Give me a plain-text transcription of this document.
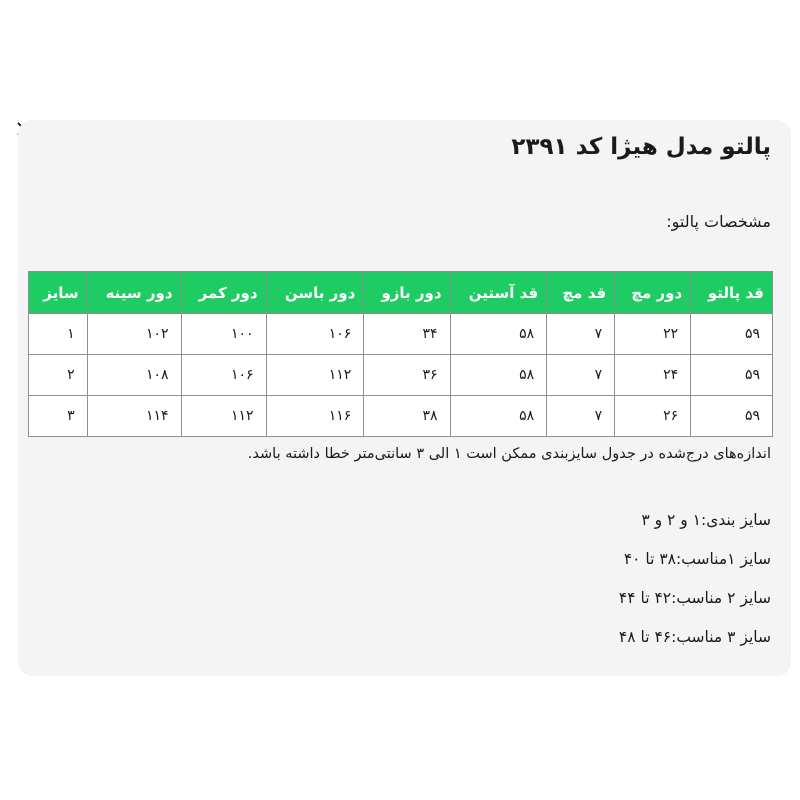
پالتو مدل هیژا کد ۲۳۹۱
مشخصات پالتو:
قد پالتو	دور مچ	قد مچ	قد آستین	دور بازو	دور باسن	دور کمر	دور سینه	سایز
۵۹	۲۲	۷	۵۸	۳۴	۱۰۶	۱۰۰	۱۰۲	۱
۵۹	۲۴	۷	۵۸	۳۶	۱۱۲	۱۰۶	۱۰۸	۲
۵۹	۲۶	۷	۵۸	۳۸	۱۱۶	۱۱۲	۱۱۴	۳
اندازه‌های درج‌شده در جدول سایزبندی ممکن است ۱ الی ۳ سانتی‌متر خطا داشته باشد.
سایز بندی:۱ و ۲ و ۳
سایز ۱مناسب:۳۸ تا ۴۰
سایز ۲ مناسب:۴۲ تا ۴۴
سایز ۳ مناسب:۴۶ تا ۴۸
